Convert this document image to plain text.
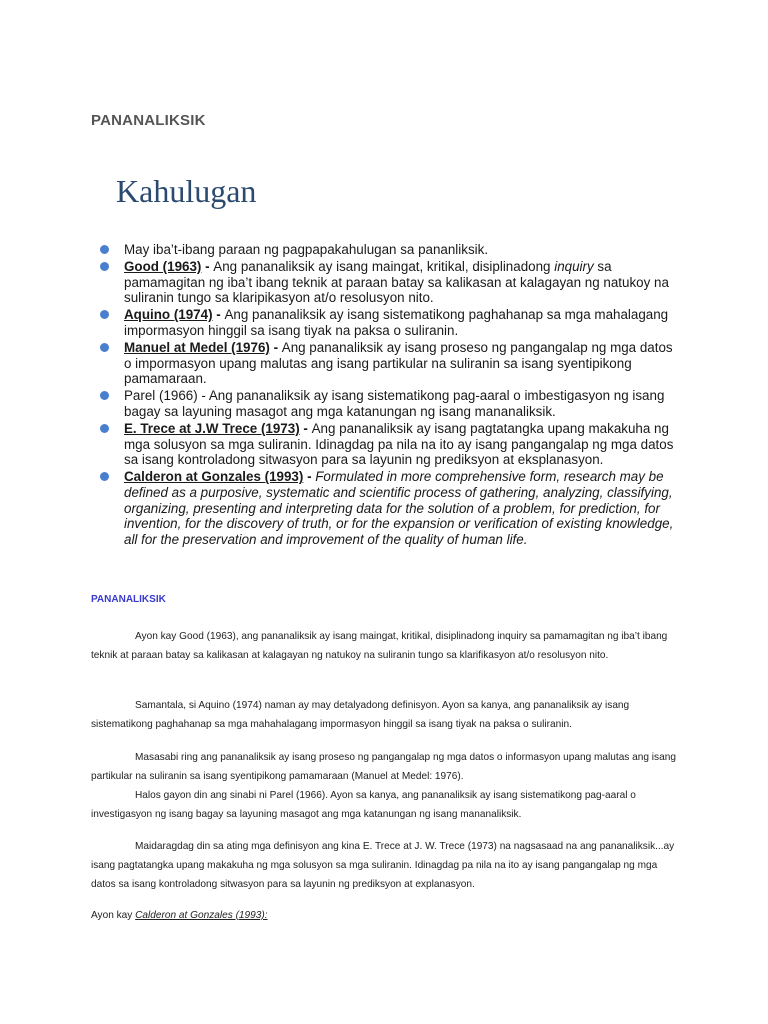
PANANALIKSIK
Kahulugan
May iba’t-ibang paraan ng pagpapakahulugan sa pananliksik.
Good (1963) - Ang pananaliksik ay isang maingat, kritikal, disiplinadong inquiry sa pamamagitan ng iba’t ibang teknik at paraan batay sa kalikasan at kalagayan ng natukoy na suliranin tungo sa klaripikasyon at/o resolusyon nito.
Aquino (1974) - Ang pananaliksik ay isang sistematikong paghahanap sa mga mahalagang impormasyon hinggil sa isang tiyak na paksa o suliranin.
Manuel at Medel (1976) - Ang pananaliksik ay isang proseso ng pangangalap ng mga datos o impormasyon upang malutas ang isang partikular na suliranin sa isang syentipikong pamamaraan.
Parel (1966) - Ang pananaliksik ay isang sistematikong pag-aaral o imbestigasyon ng isang bagay sa layuning masagot ang mga katanungan ng isang mananaliksik.
E. Trece at J.W Trece (1973) - Ang pananaliksik ay isang pagtatangka upang makakuha ng mga solusyon sa mga suliranin. Idinagdag pa nila na ito ay isang pangangalap ng mga datos sa isang kontroladong sitwasyon para sa layunin ng prediksyon at eksplanasyon.
Calderon at Gonzales (1993) - Formulated in more comprehensive form, research may be defined as a purposive, systematic and scientific process of gathering, analyzing, classifying, organizing, presenting and interpreting data for the solution of a problem, for prediction, for invention, for the discovery of truth, or for the expansion or verification of existing knowledge, all for the preservation and improvement of the quality of human life.
PANANALIKSIK

Ayon kay Good (1963), ang pananaliksik ay isang maingat, kritikal, disiplinadong inquiry sa pamamagitan ng iba’t ibang teknik at paraan batay sa kalikasan at kalagayan ng natukoy na suliranin tungo sa klarifikasyon at/o resolusyon nito.

Samantala, si Aquino (1974) naman ay may detalyadong definisyon. Ayon sa kanya, ang pananaliksik ay isang sistematikong paghahanap sa mga mahahalagang impormasyon hinggil sa isang tiyak na paksa o suliranin.

Masasabi ring ang pananaliksik ay isang proseso ng pangangalap ng mga datos o informasyon upang malutas ang isang partikular na suliranin sa isang syentipikong pamamaraan (Manuel at Medel: 1976).

Halos gayon din ang sinabi ni Parel (1966). Ayon sa kanya, ang pananaliksik ay isang sistematikong pag-aaral o investigasyon ng isang bagay sa layuning masagot ang mga katanungan ng isang mananaliksik.

Maidaragdag din sa ating mga definisyon ang kina E. Trece at J. W. Trece (1973) na nagsasaad na ang pananaliksik...ay isang pagtatangka upang makakuha ng mga solusyon sa mga suliranin. Idinagdag pa nila na ito ay isang pangangalap ng mga datos sa isang kontroladong sitwasyon para sa layunin ng prediksyon at explanasyon.

Ayon kay Calderon at Gonzales (1993):
